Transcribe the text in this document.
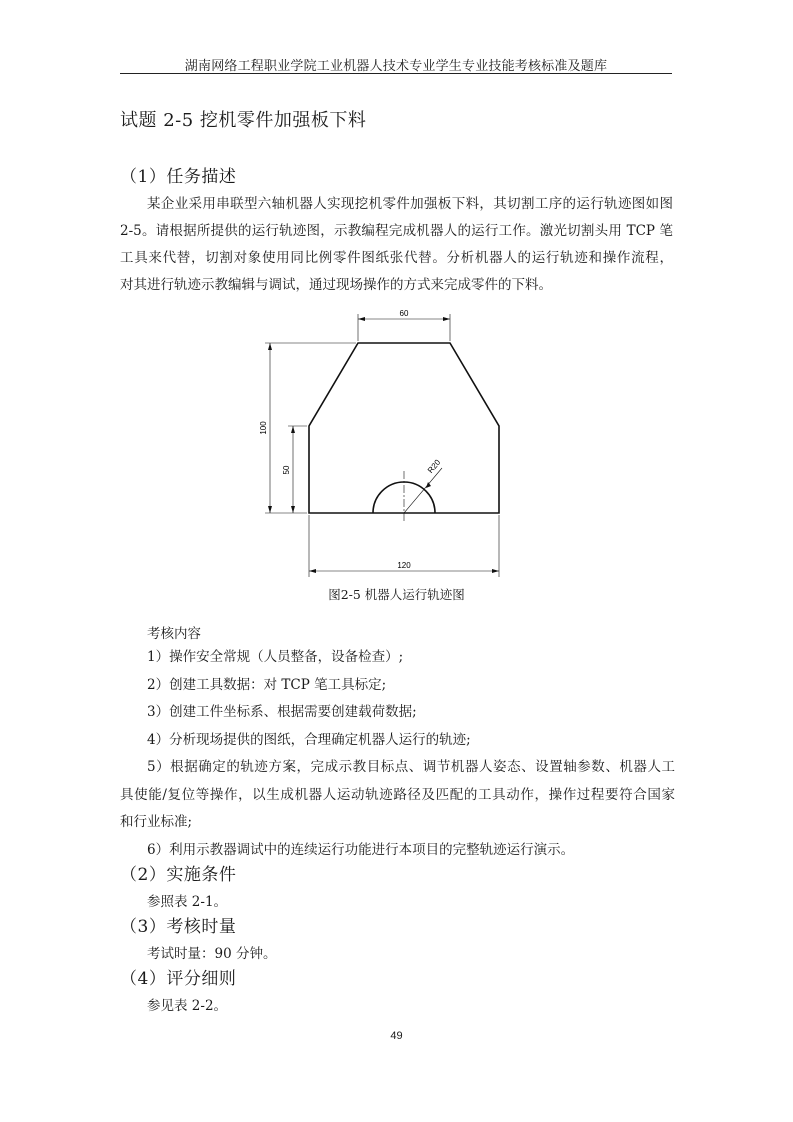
湖南网络工程职业学院工业机器人技术专业学生专业技能考核标准及题库
试题 2-5 挖机零件加强板下料
（1）任务描述
某企业采用串联型六轴机器人实现挖机零件加强板下料，其切割工序的运行轨迹图如图
2-5。请根据所提供的运行轨迹图，示教编程完成机器人的运行工作。激光切割头用 TCP 笔
工具来代替，切割对象使用同比例零件图纸张代替。分析机器人的运行轨迹和操作流程，
对其进行轨迹示教编辑与调试，通过现场操作的方式来完成零件的下料。
60
100
50	R20
120
图2-5 机器人运行轨迹图
考核内容
1）操作安全常规（人员整备，设备检查）;
2）创建工具数据：对 TCP 笔工具标定;
3）创建工件坐标系、根据需要创建载荷数据;
4）分析现场提供的图纸，合理确定机器人运行的轨迹;
5）根据确定的轨迹方案，完成示教目标点、调节机器人姿态、设置轴参数、机器人工
具使能/复位等操作，以生成机器人运动轨迹路径及匹配的工具动作，操作过程要符合国家
和行业标准;
6）利用示教器调试中的连续运行功能进行本项目的完整轨迹运行演示。
（2）实施条件
参照表 2-1。
（3）考核时量
考试时量：90 分钟。
（4）评分细则
参见表 2-2。
49
